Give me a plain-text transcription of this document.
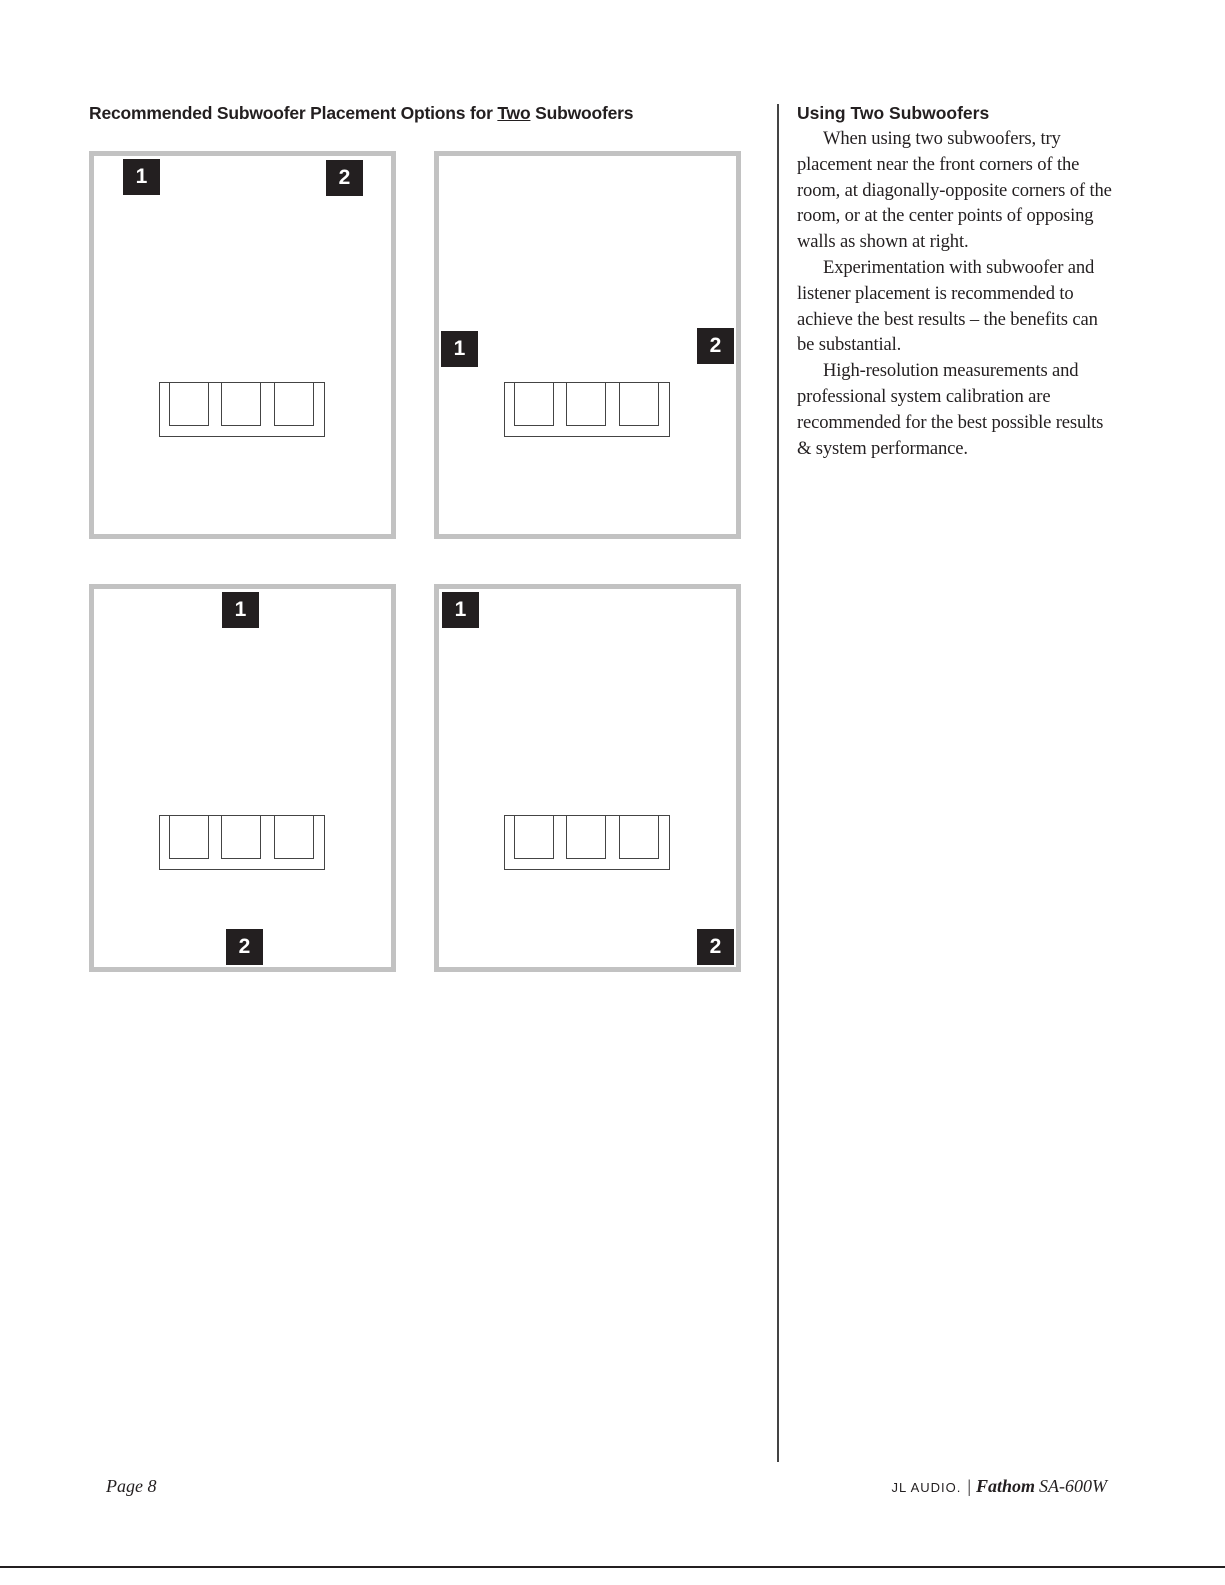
Recommended Subwoofer Placement Options for Two Subwoofers
1	2
1	2
1
2
1
2
Using Two Subwoofers

When using two subwoofers, try placement near the front corners of the room, at diagonally-opposite corners of the room, or at the center points of opposing walls as shown at right.

Experimentation with subwoofer and listener placement is recommended to achieve the best results – the benefits can be substantial.

High-resolution measurements and professional system calibration are recommended for the best possible results & system performance.

Page 8	JL AUDIO. | Fathom SA-600W
